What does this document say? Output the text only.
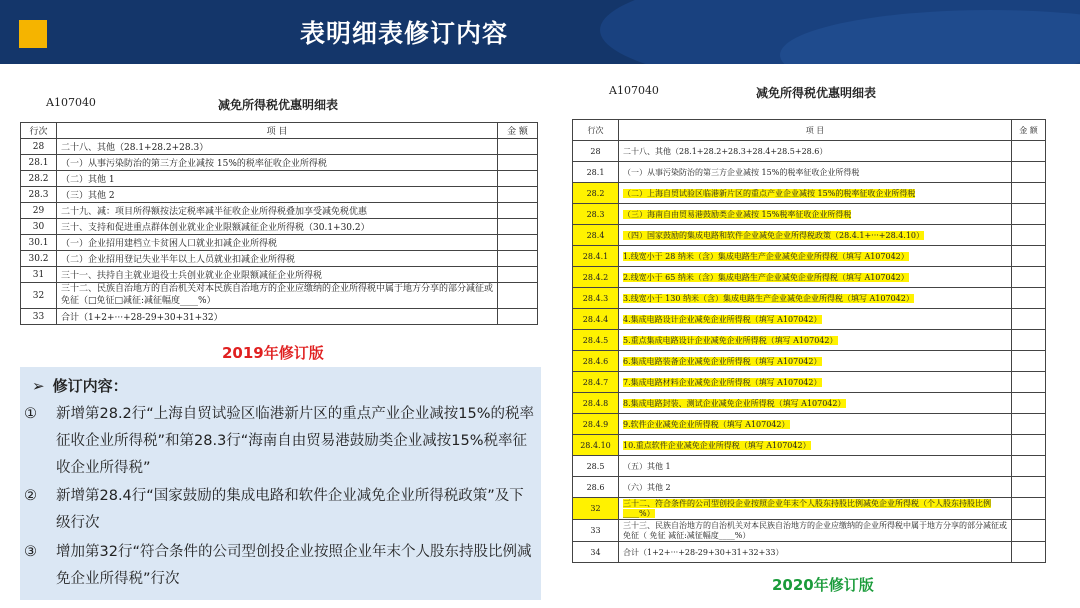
表明细表修订内容
A107040	减免所得税优惠明细表
行次	项 目	金 额
28	二十八、其他（28.1+28.2+28.3）	
28.1	（一）从事污染防治的第三方企业减按 15%的税率征收企业所得税	
28.2	（二）其他 1	
28.3	（三）其他 2	
29	二十九、减：项目所得额按法定税率减半征收企业所得税叠加享受减免税优惠	
30	三十、支持和促进重点群体创业就业企业限额减征企业所得税（30.1+30.2）	
30.1	（一）企业招用建档立卡贫困人口就业扣减企业所得税	
30.2	（二）企业招用登记失业半年以上人员就业扣减企业所得税	
31	三十一、扶持自主就业退役士兵创业就业企业限额减征企业所得税	
32	三十二、民族自治地方的自治机关对本民族自治地方的企业应缴纳的企业所得税中属于地方分享的部分减征或免征（□免征□减征:减征幅度____%）	
33	合计（1+2+···+28-29+30+31+32）	
2019年修订版
➢ 修订内容：
①	新增第28.2行“上海自贸试验区临港新片区的重点产业企业减按15%的税率征收企业所得税”和第28.3行“海南自由贸易港鼓励类企业减按15%税率征收企业所得税”
②	新增第28.4行“国家鼓励的集成电路和软件企业减免企业所得税政策”及下级行次
③	增加第32行“符合条件的公司型创投企业按照企业年末个人股东持股比例减免企业所得税”行次
A107040	减免所得税优惠明细表
行次	项 目	金 额
28	二十八、其他（28.1+28.2+28.3+28.4+28.5+28.6）	
28.1	（一）从事污染防治的第三方企业减按 15%的税率征收企业所得税	
28.2	（二）上海自贸试验区临港新片区的重点产业企业减按 15%的税率征收企业所得税	
28.3	（三）海南自由贸易港鼓励类企业减按 15%税率征收企业所得税	
28.4	（四）国家鼓励的集成电路和软件企业减免企业所得税政策（28.4.1+···+28.4.10）	
28.4.1	1.线宽小于 28 纳米（含）集成电路生产企业减免企业所得税（填写 A107042）	
28.4.2	2.线宽小于 65 纳米（含）集成电路生产企业减免企业所得税（填写 A107042）	
28.4.3	3.线宽小于 130 纳米（含）集成电路生产企业减免企业所得税（填写 A107042）	
28.4.4	4.集成电路设计企业减免企业所得税（填写 A107042）	
28.4.5	5.重点集成电路设计企业减免企业所得税（填写 A107042）	
28.4.6	6.集成电路装备企业减免企业所得税（填写 A107042）	
28.4.7	7.集成电路材料企业减免企业所得税（填写 A107042）	
28.4.8	8.集成电路封装、测试企业减免企业所得税（填写 A107042）	
28.4.9	9.软件企业减免企业所得税（填写 A107042）	
28.4.10	10.重点软件企业减免企业所得税（填写 A107042）	
28.5	（五）其他 1	
28.6	（六）其他 2	
32	三十二、符合条件的公司型创投企业按照企业年末个人股东持股比例减免企业所得税（个人股东持股比例____%）	
33	三十三、民族自治地方的自治机关对本民族自治地方的企业应缴纳的企业所得税中属于地方分享的部分减征或免征（ 免征 减征:减征幅度____%）	
34	合计（1+2+···+28-29+30+31+32+33）	
2020年修订版
